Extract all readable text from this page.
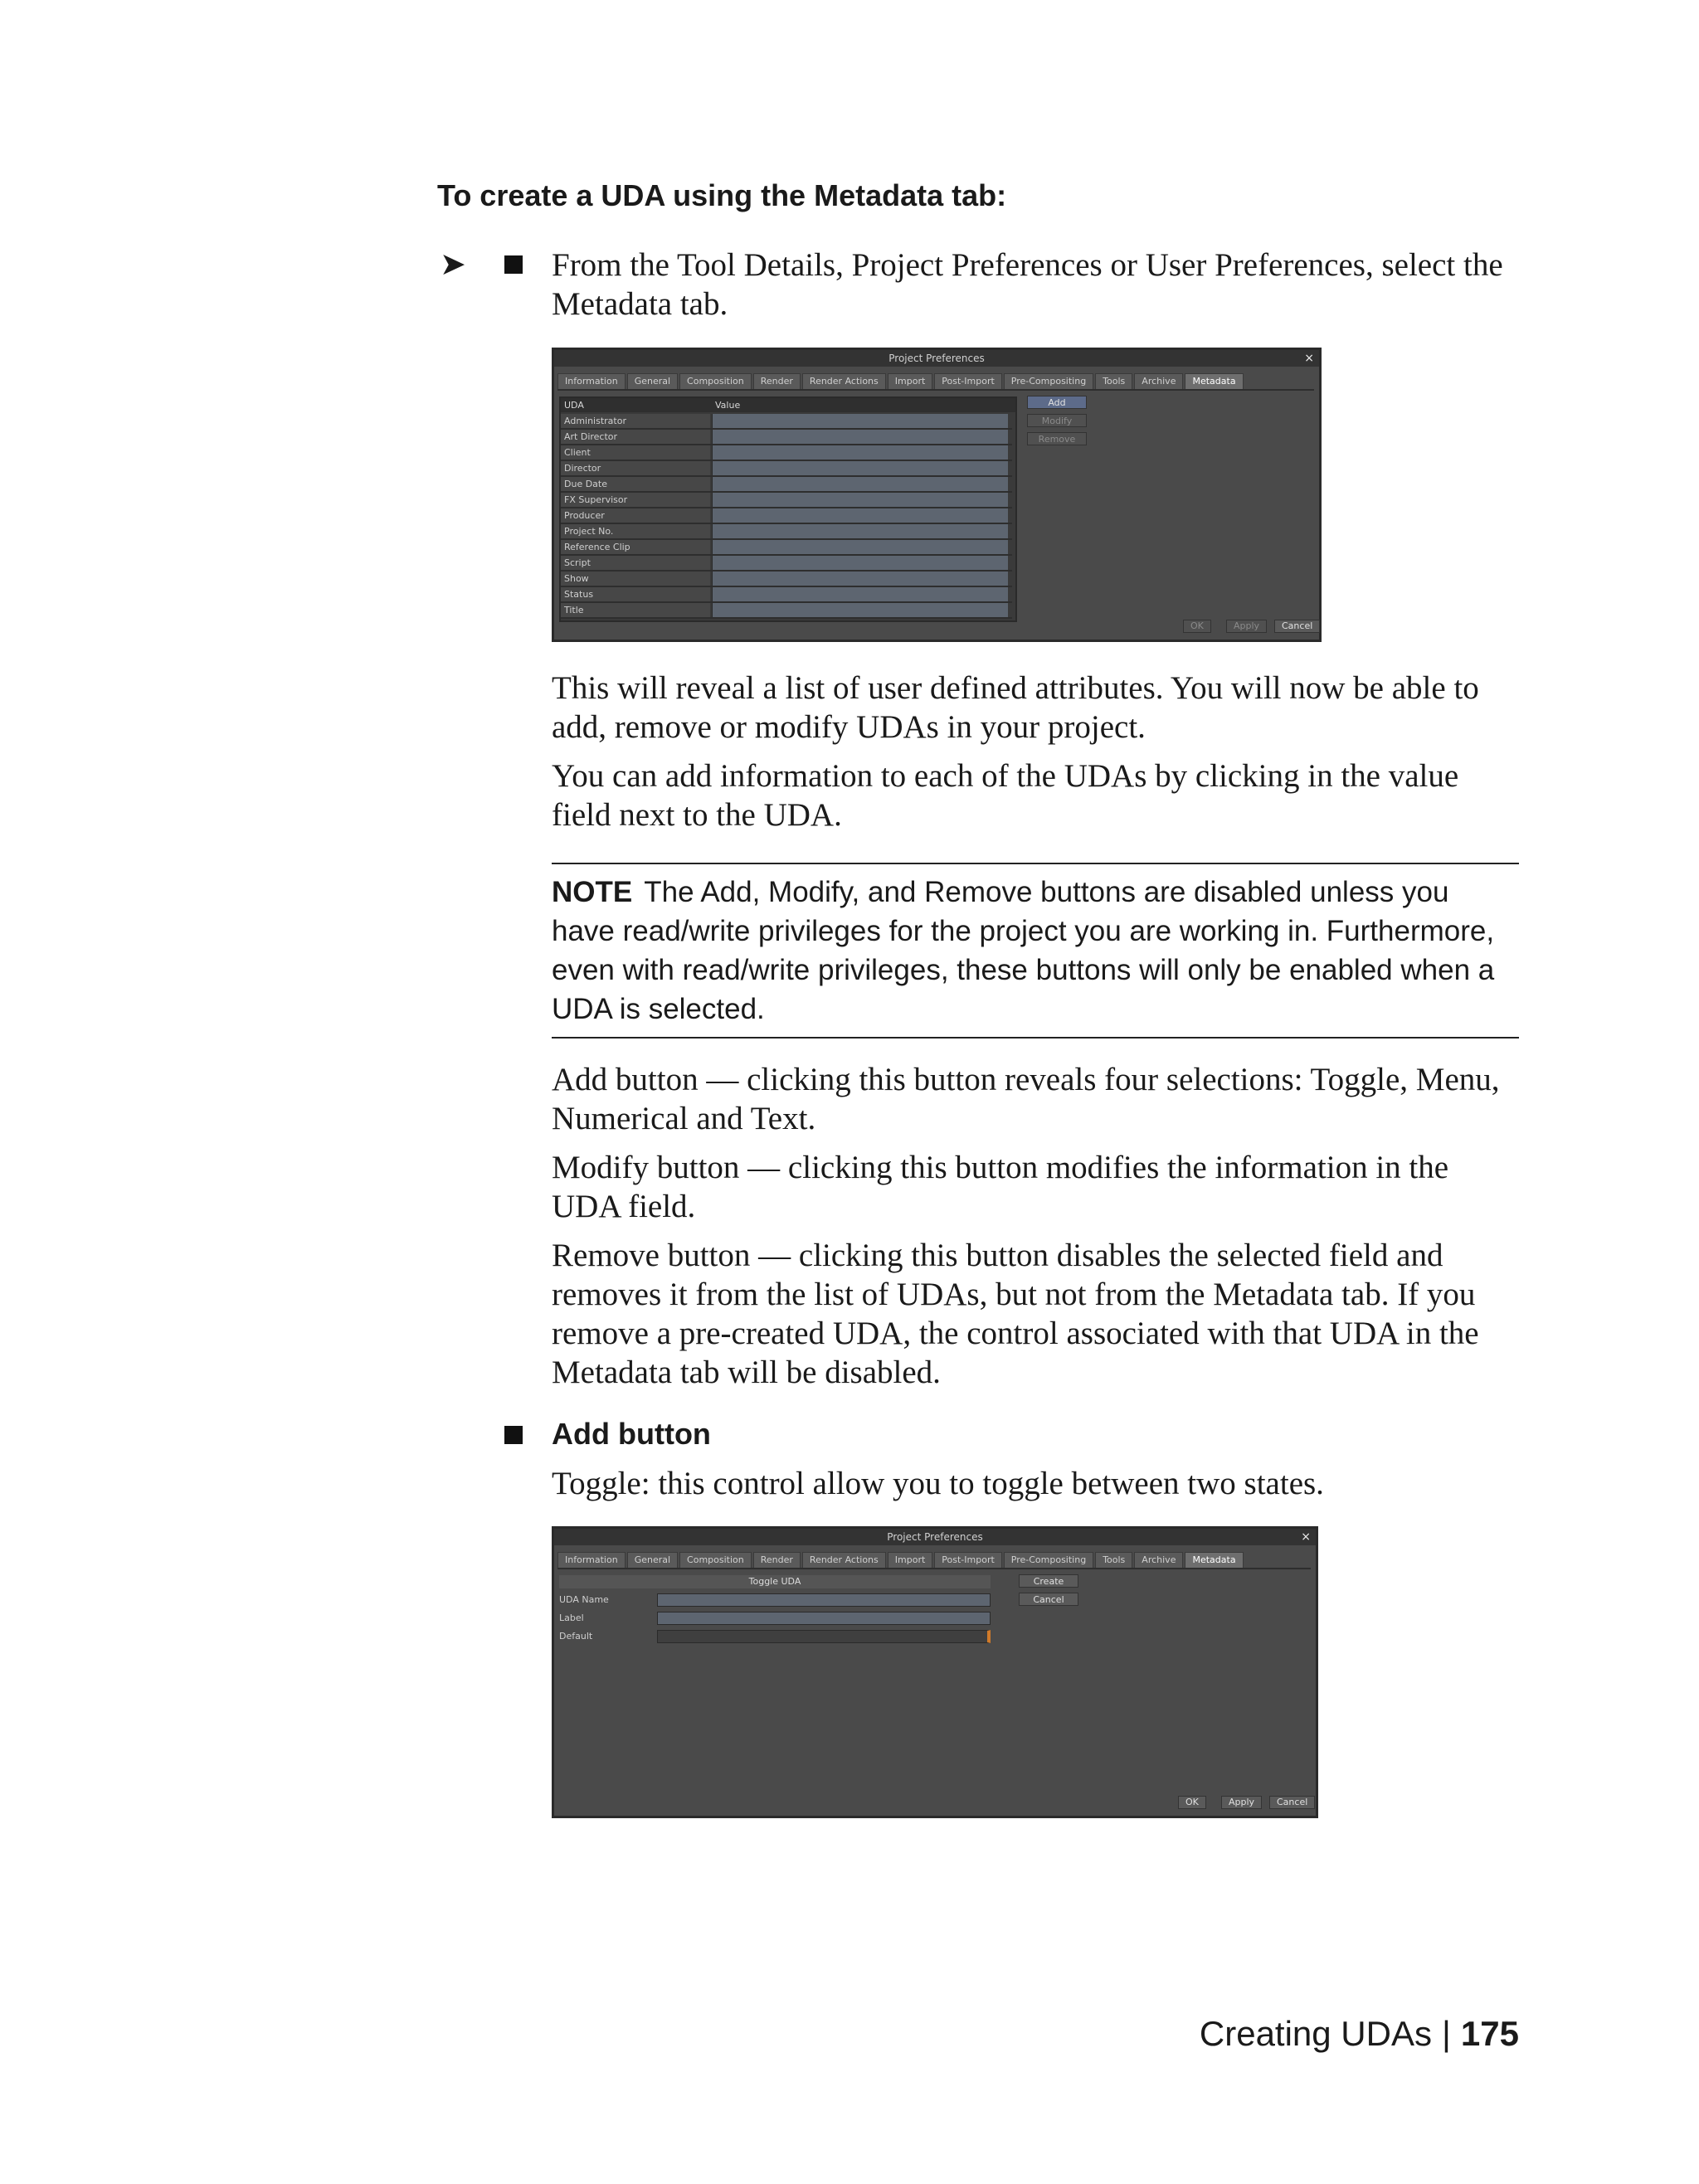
To create a UDA using the Metadata tab:
➤	From the Tool Details, Project Preferences or User Preferences, select the Metadata tab.
Project Preferences	×
Information	General	Composition	Render	Render Actions	Import	Post-Import	Pre-Compositing	Tools	Archive	Metadata
UDA	Value
Administrator
Art Director
Client
Director
Due Date
FX Supervisor
Producer
Project No.
Reference Clip
Script
Show
Status
Title
Add
Modify
Remove
OK	Apply	Cancel
This will reveal a list of user defined attributes. You will now be able to add, remove or modify UDAs in your project.
You can add information to each of the UDAs by clicking in the value field next to the UDA.
NOTE The Add, Modify, and Remove buttons are disabled unless you have read/write privileges for the project you are working in. Furthermore, even with read/write privileges, these buttons will only be enabled when a UDA is selected.
Add button — clicking this button reveals four selections: Toggle, Menu, Numerical and Text.
Modify button — clicking this button modifies the information in the UDA field.
Remove button — clicking this button disables the selected field and removes it from the list of UDAs, but not from the Metadata tab. If you remove a pre-created UDA, the control associated with that UDA in the Metadata tab will be disabled.
Add button
Toggle: this control allow you to toggle between two states.
Project Preferences	×
Information	General	Composition	Render	Render Actions	Import	Post-Import	Pre-Compositing	Tools	Archive	Metadata
Toggle UDA
UDA Name
Label
Default
Create
Cancel
OK	Apply	Cancel
Creating UDAs | 175
